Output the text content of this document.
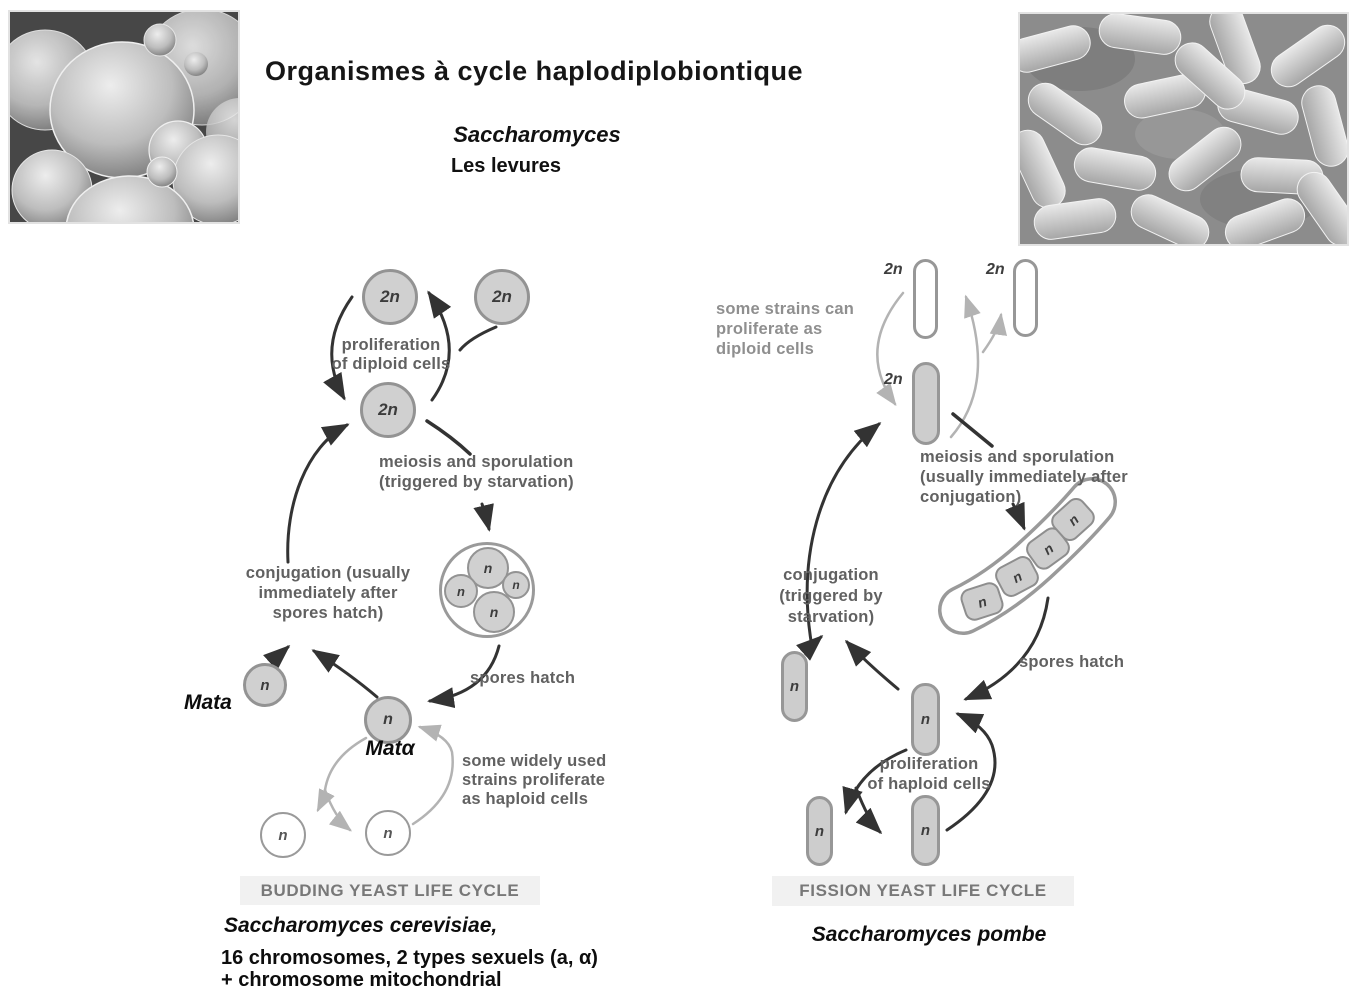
Organismes à cycle haplodiplobiontique
Saccharomyces
Les levures
2n	2n
2n
proliferation
of diploid cells
meiosis and sporulation
(triggered by starvation)
n
n	n
n
conjugation (usually
immediately after
spores hatch)
spores hatch
Mata
n
n
Matα
some widely used
strains proliferate
as haploid cells
n	n
BUDDING YEAST LIFE CYCLE
Saccharomyces cerevisiae,
16 chromosomes, 2 types sexuels (a, α)
+ chromosome mitochondrial
some strains can
proliferate as
diploid cells
2n	2n
2n
meiosis and sporulation
(usually immediately after
conjugation)
n
n
n
n
conjugation
(triggered by
starvation)
spores hatch
n
n
proliferation
of haploid cells
n	n
FISSION YEAST LIFE CYCLE
Saccharomyces pombe
